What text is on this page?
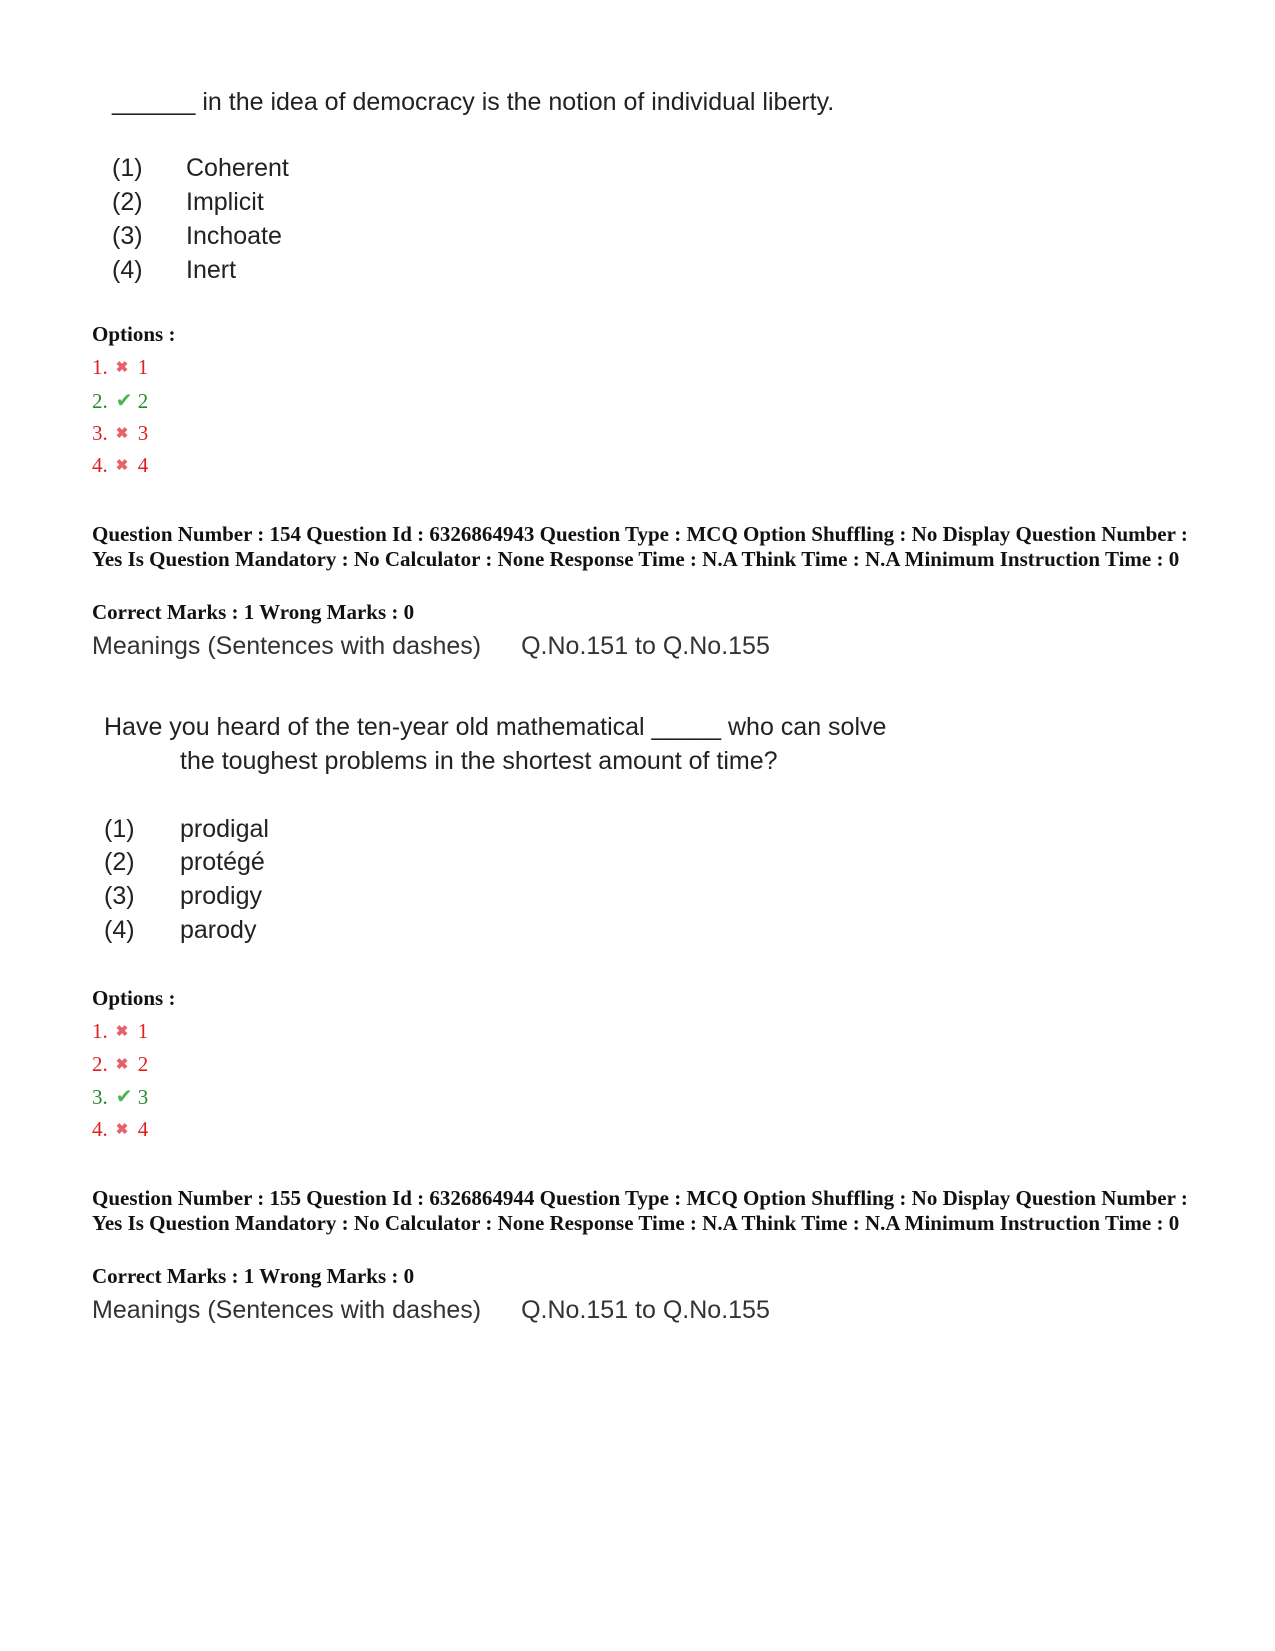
______ in the idea of democracy is the notion of individual liberty.
(1) Coherent
(2) Implicit
(3) Inchoate
(4) Inert
Options :
1. ✖ 1
2. ✔ 2
3. ✖ 3
4. ✖ 4
Question Number : 154 Question Id : 6326864943 Question Type : MCQ Option Shuffling : No Display Question Number : Yes Is Question Mandatory : No Calculator : None Response Time : N.A Think Time : N.A Minimum Instruction Time : 0
Correct Marks : 1 Wrong Marks : 0
Meanings (Sentences with dashes) Q.No.151 to Q.No.155
Have you heard of the ten-year old mathematical _____ who can solve
the toughest problems in the shortest amount of time?
(1) prodigal
(2) protégé
(3) prodigy
(4) parody
Options :
1. ✖ 1
2. ✖ 2
3. ✔ 3
4. ✖ 4
Question Number : 155 Question Id : 6326864944 Question Type : MCQ Option Shuffling : No Display Question Number : Yes Is Question Mandatory : No Calculator : None Response Time : N.A Think Time : N.A Minimum Instruction Time : 0
Correct Marks : 1 Wrong Marks : 0
Meanings (Sentences with dashes) Q.No.151 to Q.No.155
